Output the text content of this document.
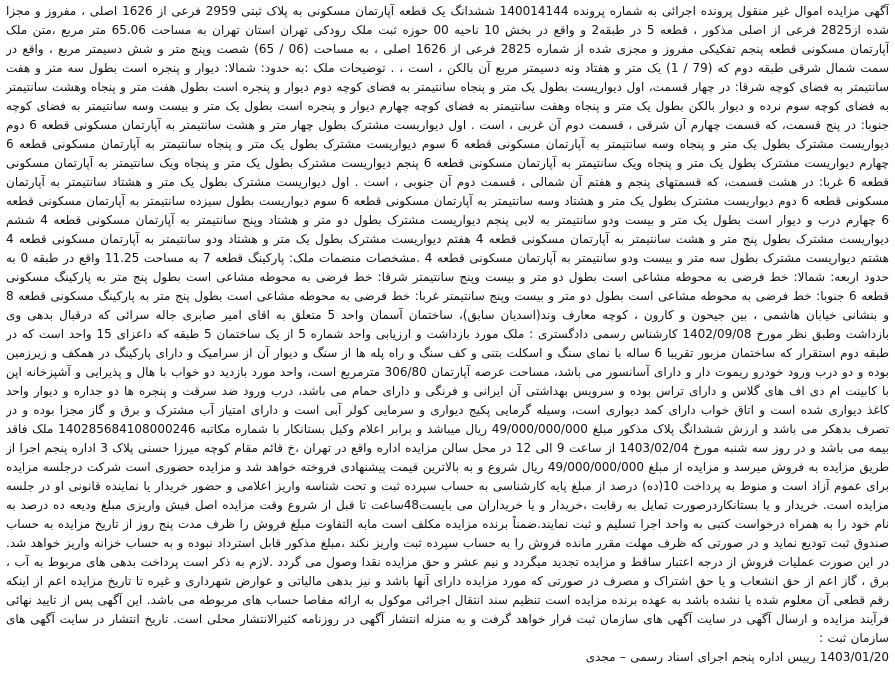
آگهی مزایده اموال غیر منقول پرونده اجرائی به شماره پرونده 140014144 ششدانگ یک قطعه آپارتمان مسکونی به پلاک ثبتی 2959 فرعی از 1626 اصلی ، مفروز و مجزا شده از2825 فرعی از اصلی مذکور ، قطعه 5 در طبقه2 و واقع در بخش 10 ناحیه 00 حوزه ثبت ملک رودکی تهران استان تهران به مساحت 65.06 متر مربع ،متن ملک آپارتمان مسکونی قطعه پنجم تفکیکی مفروز و مجزی شده از شماره 2825 فرعی از 1626 اصلی ، به مساحت (06 / 65) شصت وپنج متر و شش دسیمتر مربع ، واقع در سمت شمال شرقی طبقه دوم که (79 / 1) یک متر و هفتاد ونه دسیمتر مربع آن بالکن ، است ، . توضیحات ملک :به حدود: شمالا: دیوار و پنجره است بطول سه متر و هفت سانتیمتر به فضای کوچه شرقا: در چهار قسمت، اول دیواریست بطول یک متر و پنجاه سانتیمتر به فضای کوچه دوم دیوار و پنجره است بطول هفت متر و پنجاه وهشت سانتیمتر به فضای کوچه سوم نرده و دیوار بالکن بطول یک متر و پنجاه وهفت سانتیمتر به فضای کوچه چهارم دیوار و پنجره است بطول یک متر و بیست وسه سانتیمتر به فضای کوچه جنوبا: در پنج قسمت، که قسمت چهارم آن شرقی ، قسمت دوم آن غربی ، است . اول دیواریست مشترک بطول چهار متر و هشت سانتیمتر به آپارتمان مسکونی قطعه 6 دوم دیواریست مشترک بطول یک متر و پنجاه وسه سانتیمتر به آپارتمان مسکونی قطعه 6 سوم دیواریست مشترک بطول یک متر و پنجاه سانتیمتر به آپارتمان مسکونی قطعه 6 چهارم دیواریست مشترک بطول یک متر و پنجاه ویک سانتیمتر به آپارتمان مسکونی قطعه 6 پنجم دیواریست مشترک بطول یک متر و پنجاه ویک سانتیمتر به آپارتمان مسکونی قطعه 6 غربا: در هشت قسمت، که قسمتهای پنجم و هفتم آن شمالی ، قسمت دوم آن جنوبی ، است . اول دیواریست مشترک بطول یک متر و هشتاد سانتیمتر به آپارتمان مسکونی قطعه 6 دوم دیواریست مشترک بطول یک متر و هشتاد وسه سانتیمتر به آپارتمان مسکونی قطعه 6 سوم دیواریست بطول سیزده سانتیمتر به آپارتمان مسکونی قطعه 6 چهارم درب و دیوار است بطول یک متر و بیست ودو سانتیمتر به لابی پنجم دیواریست مشترک بطول دو متر و هشتاد وپنج سانتیمتر به آپارتمان مسکونی قطعه 4 ششم دیواریست مشترک بطول پنج متر و هشت سانتیمتر به آپارتمان مسکونی قطعه 4 هفتم دیواریست مشترک بطول یک متر و هشتاد ودو سانتیمتر به آپارتمان مسکونی قطعه 4 هشتم دیواریست مشترک بطول سه متر و بیست ودو سانتیمتر به آپارتمان مسکونی قطعه 4 .مشخصات منضمات ملک: پارکینگ قطعه 7 به مساحت 11.25 واقع در طبقه 0 به حدود اربعه: شمالا: خط فرضی به محوطه مشاعی است بطول دو متر و بیست وپنج سانتیمتر شرقا: خط فرضی به محوطه مشاعی است بطول پنج متر به پارکینگ مسکونی قطعه 6 جنوبا: خط فرضی به محوطه مشاعی است بطول دو متر و بیست وپنج سانتیمتر غربا: خط فرضی به محوطه مشاعی است بطول پنج متر به پارکینگ مسکونی قطعه 8 و بنشانی خیابان هاشمی ، بین جیحون و کارون ، کوچه معارف وند(اسدیان سابق)، ساختمان آسمان واحد 5 متعلق به اقای امیر صابری جاله سرائی که درقبال بدهی وی بازداشت وطبق نظر مورخ 1402/09/08 کارشناس رسمی دادگستری : ملک مورد بازداشت و ارزیابی واحد شماره 5 از یک ساختمان 5 طبقه که داعزای 15 واحد است که در طبقه دوم استقرار که ساختمان مزبور تقریبا 6 ساله با نمای سنگ و اسکلت بتنی و کف سنگ و راه پله ها از سنگ و دیوار آن از سرامیک و دارای پارکینگ در همکف و زیرزمین بوده و دو درب ورود خودرو ریموت دار و دارای آسانسور می باشد، مساحت عرصه آپارتمان 306/80 مترمربع است، واحد مورد بازدید دو خواب با هال و پذیرایی و آشپزخانه اپن با کابینت ام دی اف های گلاس و دارای تراس بوده و سرویس بهداشتی آن ایرانی و فرنگی و دارای حمام می باشد، درب ورود ضد سرقت و پنجره ها دو جداره و دیوار واحد کاغذ دیواری شده است و اتاق خواب دارای کمد دیواری است، وسیله گرمایی پکیج دیواری و سرمایی کولر آبی است و دارای امتیاز آب مشترک و برق و گاز مجزا بوده و در تصرف بدهکر می باشد و ارزش ششدانگ پلاک مذکور مبلغ 49/000/000/000 ریال میباشد و برابر اعلام وکیل بستانکار با شماره مکاتبه 140285684108000246 ملک فاقد بیمه می باشد و در روز سه شنبه مورخ 1403/02/04 از ساعت 9 الی 12 در محل سالن مزایده اداره واقع در تهران ،خ قائم مقام کوچه میرزا حسنی پلاک 3 اداره پنجم اجرا از طریق مزایده به فروش میرسد و مزایده از مبلغ 49/000/000/000 ریال شروع و به بالاترین قیمت پیشنهادی فروخته خواهد شد و مزایده حضوری است شرکت درجلسه مزایده برای عموم آزاد است و منوط به پرداخت 10(ده) درصد از مبلغ پایه کارشناسی به حساب سپرده ثبت و تحت شناسه واریز اعلامی و حضور خریدار یا نماینده قانونی او در جلسه مزایده است. خریدار و یا بستانکاردرصورت تمایل به رقابت ،خریدار و یا خریداران می بایست48ساعت تا قبل از شروع وقت مزایده اصل فیش واریزی مبلغ ودیعه ده درصد به نام خود را به همراه درخواست کتبی به واحد اجرا تسلیم و ثبت نمایند.ضمناً برنده مزایده مکلف است مابه التفاوت مبلغ فروش را ظرف مدت پنج روز از تاریخ مزایده به حساب صندوق ثبت تودیع نماید و در صورتی که ظرف مهلت مقرر مانده فروش را به حساب سپرده ثبت واریز نکند ،مبلغ مذکور قابل استرداد نبوده و به حساب خزانه واریز خواهد شد. در این صورت عملیات فروش از درجه اعتبار ساقط و مزایده تجدید میگردد و نیم عشر و حق مزایده نقدا وصول می گردد .لازم به ذکر است پرداخت بدهی های مربوط به آب ، برق ، گاز اعم از حق انشعاب و یا حق اشتراک و مصرف در صورتی که مورد مزایده دارای آنها باشد و نیز بدهی مالیاتی و عوارض شهرداری و غیره تا تاریخ مزایده اعم از اینکه رقم قطعی آن معلوم شده یا نشده باشد به عهده برنده مزایده است تنظیم سند انتقال اجرائی موکول به ارائه مفاصا حساب های مربوطه می باشد. این آگهی پس از تایید نهائی فرآیند مزایده و ارسال آگهی در سایت آگهی های سازمان ثبت قرار خواهد گرفت و به منزله انتشار آگهی در روزنامه کثیرالانتشار محلی است. تاریخ انتشار در سایت آگهی های سازمان ثبت :

1403/01/20 رییس اداره پنجم اجرای اسناد رسمی – مجدی
